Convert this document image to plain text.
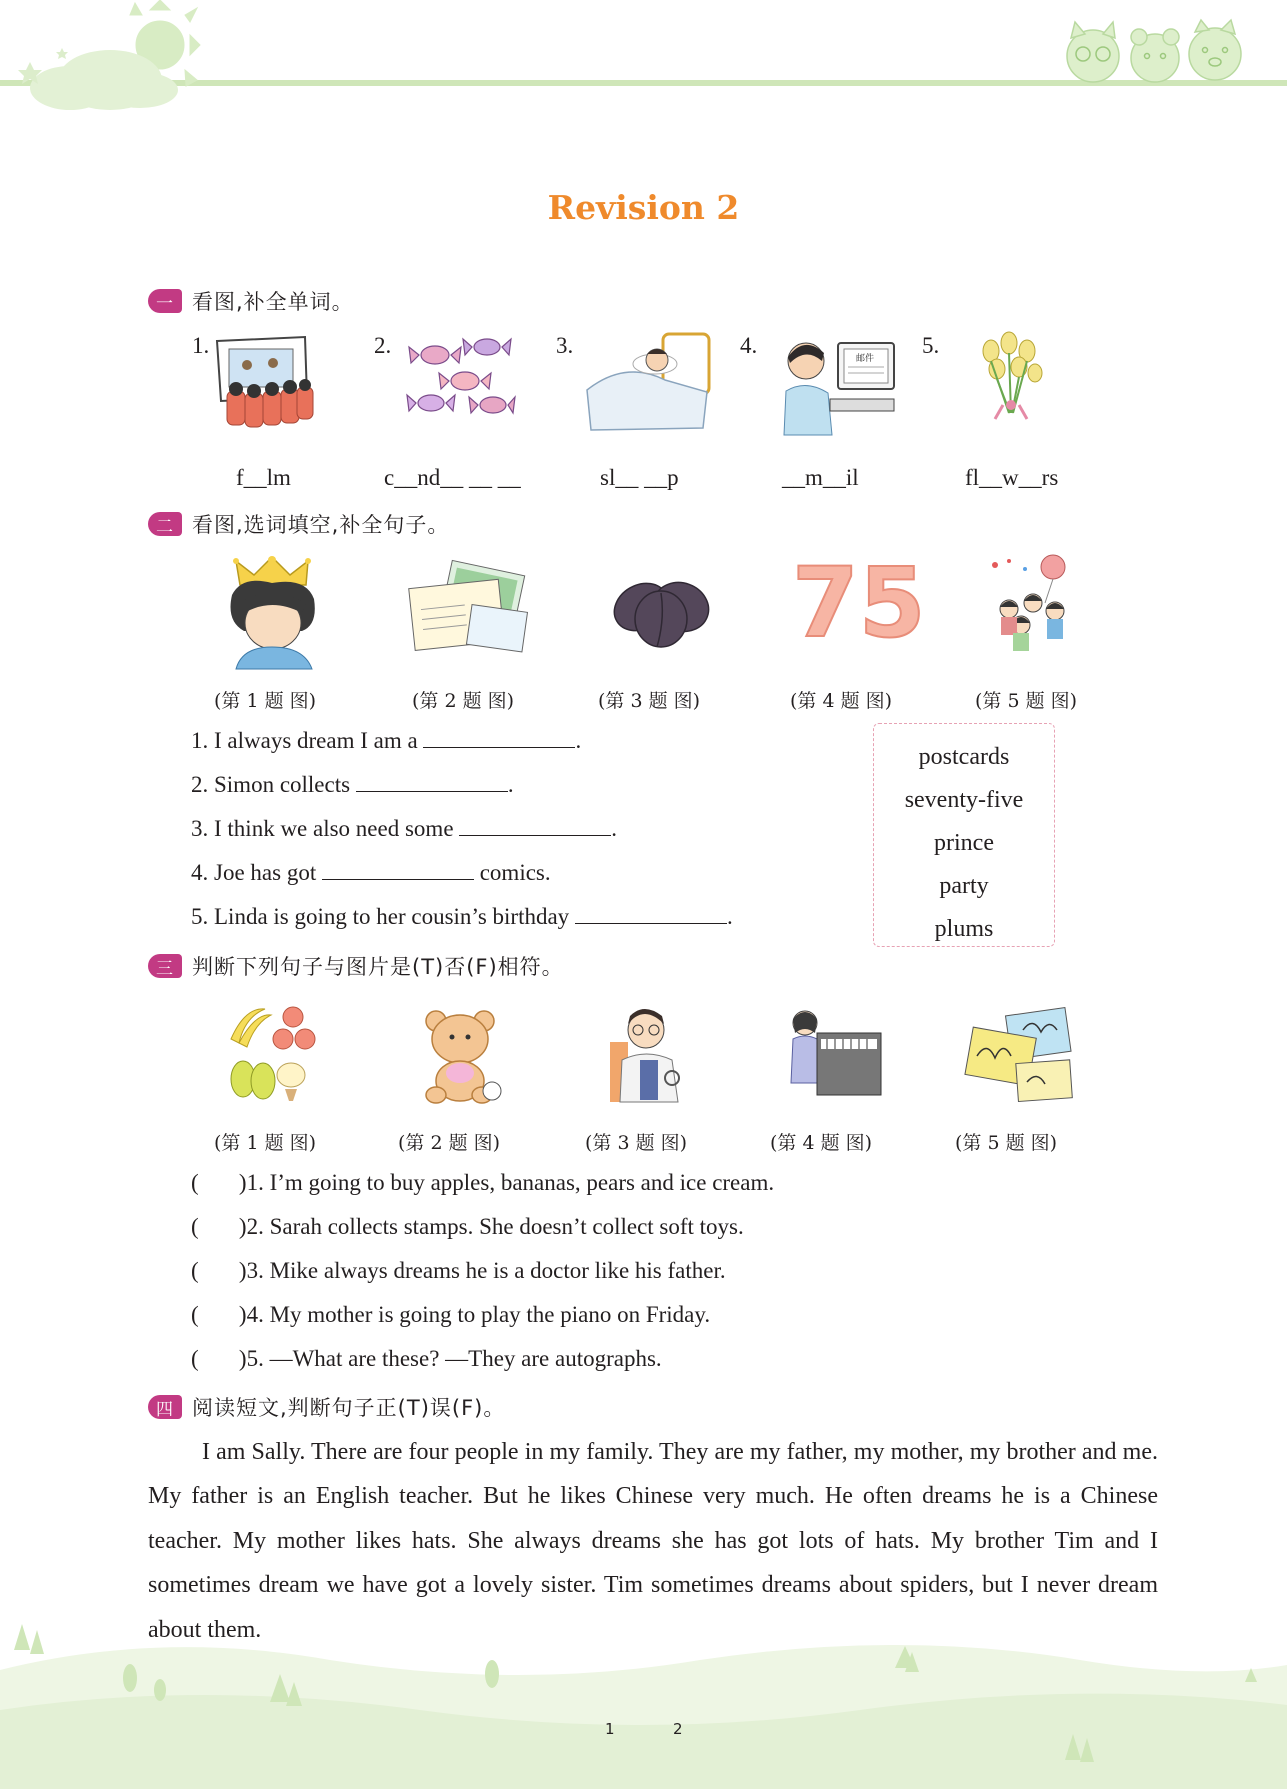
Revision 2
一 看图,补全单词。
1.	2.	3.	4.	5.
邮件
f__lm	c__nd__ __ __	sl__ __p	__m__il	fl__w__rs
二 看图,选词填空,补全句子。
75
(第 1 题 图)	(第 2 题 图)	(第 3 题 图)	(第 4 题 图)	(第 5 题 图)
1. I always dream I am a	.
2. Simon collects	.
3. I think we also need some	.
4. Joe has got	comics.
5. Linda is going to her cousin’s birthday	.
postcards
seventy-five
prince
party
plums
三 判断下列句子与图片是(T)否(F)相符。
(第 1 题 图)	(第 2 题 图)	(第 3 题 图)	(第 4 题 图)	(第 5 题 图)
(       )1. I’m going to buy apples, bananas, pears and ice cream.
(       )2. Sarah collects stamps. She doesn’t collect soft toys.
(       )3. Mike always dreams he is a doctor like his father.
(       )4. My mother is going to play the piano on Friday.
(       )5. —What are these? —They are autographs.
四 阅读短文,判断句子正(T)误(F)。
I am Sally. There are four people in my family. They are my father, my mother, my brother and me. My father is an English teacher. But he likes Chinese very much. He often dreams he is a Chinese teacher. My mother likes hats. She always dreams she has got lots of hats. My brother Tim and I sometimes dream we have got a lovely sister. Tim sometimes dreams about spiders, but I never dream about them.
1	2
